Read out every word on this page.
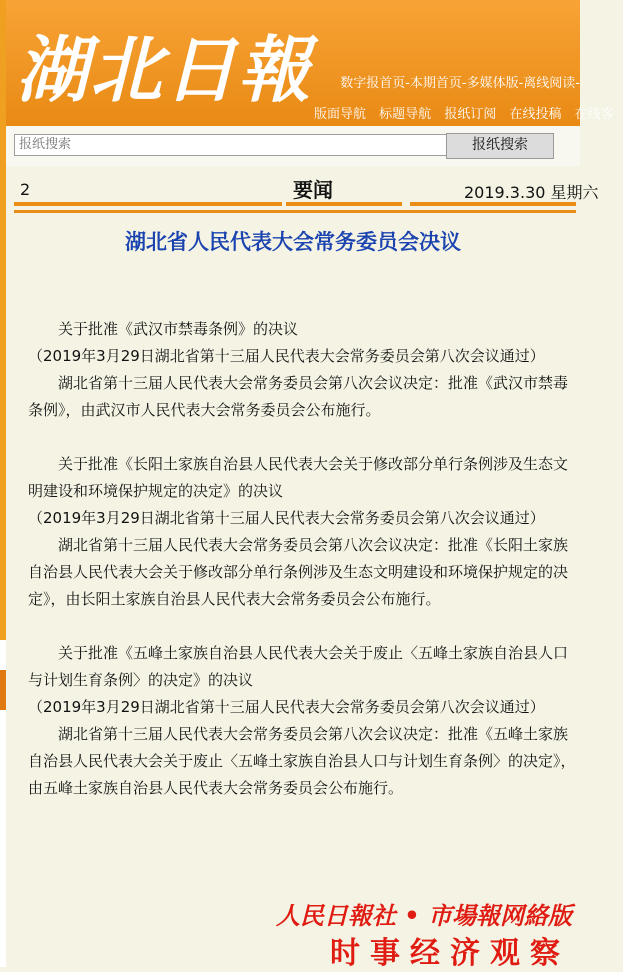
湖北日報 数字报首页-本期首页-多媒体版-离线阅读-
版面导航 标题导航 报纸订阅 在线投稿 在线客
报纸搜索
报纸搜索
2	要闻	2019.3.30 星期六
湖北省人民代表大会常务委员会决议

关于批准《武汉市禁毒条例》的决议

（2019年3月29日湖北省第十三届人民代表大会常务委员会第八次会议通过）

湖北省第十三届人民代表大会常务委员会第八次会议决定：批准《武汉市禁毒条例》，由武汉市人民代表大会常务委员会公布施行。

关于批准《长阳土家族自治县人民代表大会关于修改部分单行条例涉及生态文明建设和环境保护规定的决定》的决议

（2019年3月29日湖北省第十三届人民代表大会常务委员会第八次会议通过）

湖北省第十三届人民代表大会常务委员会第八次会议决定：批准《长阳土家族自治县人民代表大会关于修改部分单行条例涉及生态文明建设和环境保护规定的决定》，由长阳土家族自治县人民代表大会常务委员会公布施行。

关于批准《五峰土家族自治县人民代表大会关于废止〈五峰土家族自治县人口与计划生育条例〉的决定》的决议

（2019年3月29日湖北省第十三届人民代表大会常务委员会第八次会议通过）

湖北省第十三届人民代表大会常务委员会第八次会议决定：批准《五峰土家族自治县人民代表大会关于废止〈五峰土家族自治县人口与计划生育条例〉的决定》，由五峰土家族自治县人民代表大会常务委员会公布施行。

人民日報社 • 市場報网絡版
时事经济观察
